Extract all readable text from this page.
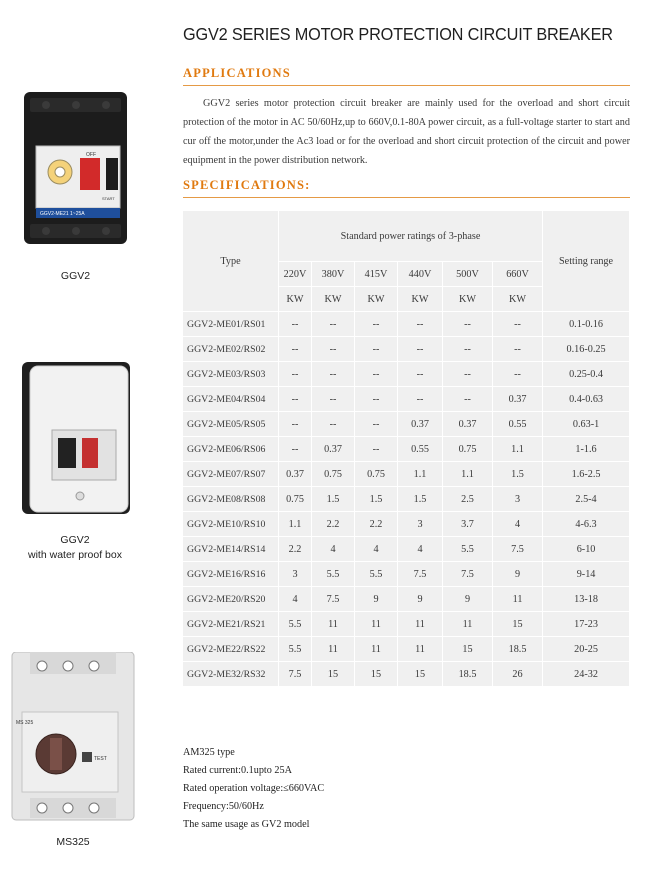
GGV2 SERIES MOTOR PROTECTION CIRCUIT BREAKER
APPLICATIONS
GGV2 series motor protection circuit breaker are mainly used for the overload and short circuit protection of the motor in AC 50/60Hz,up to 660V,0.1-80A power circuit, as a full-voltage starter to start and cur off the motor,under the Ac3 load or for the overload and short circuit protection of the circuit and power equipment in the power distribution network.
SPECIFICATIONS:
Type	Standard power ratings of 3-phase						Setting range
	220V	380V	415V	440V	500V	660V	
	KW	KW	KW	KW	KW	KW	
GGV2-ME01/RS01	--	--	--	--	--	--	0.1-0.16
GGV2-ME02/RS02	--	--	--	--	--	--	0.16-0.25
GGV2-ME03/RS03	--	--	--	--	--	--	0.25-0.4
GGV2-ME04/RS04	--	--	--	--	--	0.37	0.4-0.63
GGV2-ME05/RS05	--	--	--	0.37	0.37	0.55	0.63-1
GGV2-ME06/RS06	--	0.37	--	0.55	0.75	1.1	1-1.6
GGV2-ME07/RS07	0.37	0.75	0.75	1.1	1.1	1.5	1.6-2.5
GGV2-ME08/RS08	0.75	1.5	1.5	1.5	2.5	3	2.5-4
GGV2-ME10/RS10	1.1	2.2	2.2	3	3.7	4	4-6.3
GGV2-ME14/RS14	2.2	4	4	4	5.5	7.5	6-10
GGV2-ME16/RS16	3	5.5	5.5	7.5	7.5	9	9-14
GGV2-ME20/RS20	4	7.5	9	9	9	11	13-18
GGV2-ME21/RS21	5.5	11	11	11	11	15	17-23
GGV2-ME22/RS22	5.5	11	11	11	15	18.5	20-25
GGV2-ME32/RS32	7.5	15	15	15	18.5	26	24-32
OFF
START
GGV2-ME21 1~25A
GGV2
GGV2
with water proof box
MS 325
TEST
MS325
AM325 type
Rated current:0.1upto 25A
Rated operation voltage:≤660VAC
Frequency:50/60Hz
The same usage as GV2 model
